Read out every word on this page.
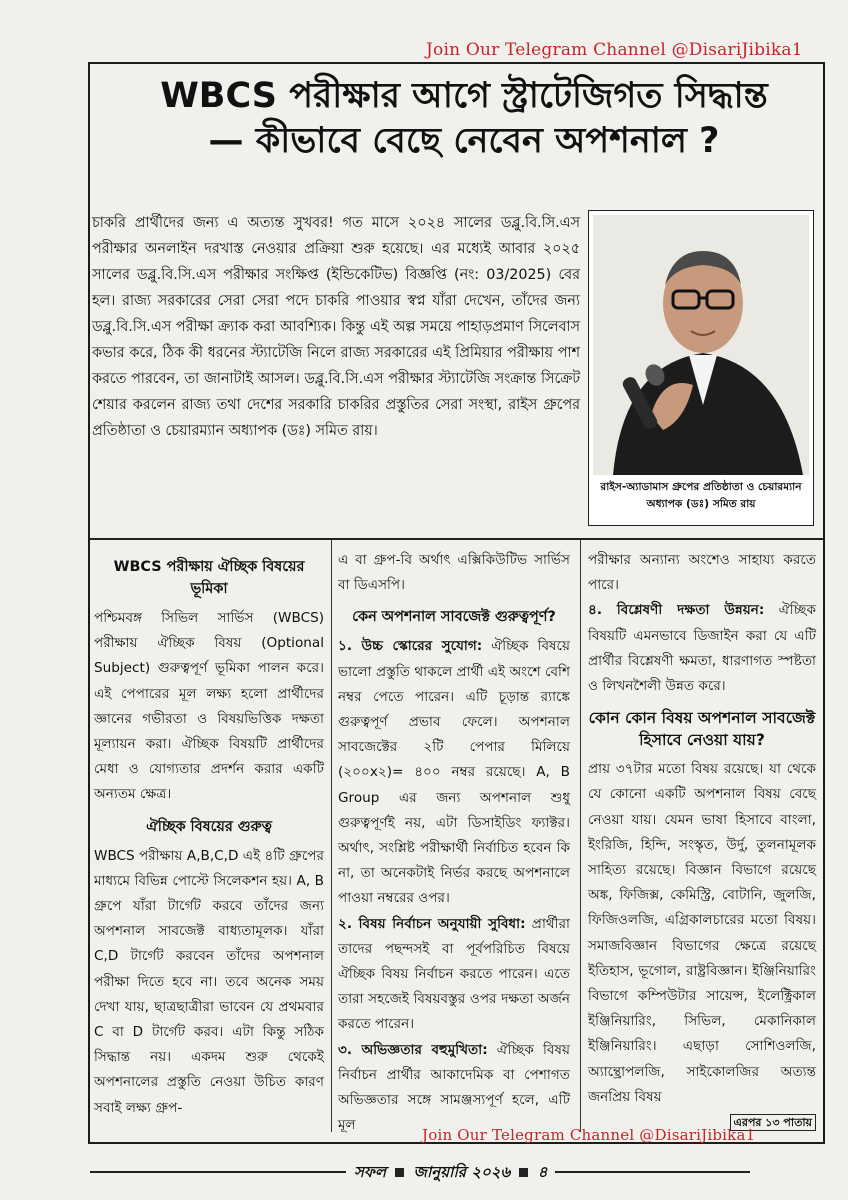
Join Our Telegram Channel @DisariJibika1
WBCS পরীক্ষার আগে স্ট্রাটেজিগত সিদ্ধান্ত
— কীভাবে বেছে নেবেন অপশনাল ?
চাকরি প্রার্থীদের জন্য এ অত্যন্ত সুখবর! গত মাসে ২০২৪ সালের ডব্লু.বি.সি.এস পরীক্ষার অনলাইন দরখাস্ত নেওয়ার প্রক্রিয়া শুরু হয়েছে। এর মধ্যেই আবার ২০২৫ সালের ডব্লু.বি.সি.এস পরীক্ষার সংক্ষিপ্ত (ইন্ডিকেটিভ) বিজ্ঞপ্তি (নং: 03/2025) বের হল। রাজ্য সরকারের সেরা সেরা পদে চাকরি পাওয়ার স্বপ্ন যাঁরা দেখেন, তাঁদের জন্য ডব্লু.বি.সি.এস পরীক্ষা ক্র্যাক করা আবশ্যিক। কিন্তু এই অল্প সময়ে পাহাড়প্রমাণ সিলেবাস কভার করে, ঠিক কী ধরনের স্ট্যাটেজি নিলে রাজ্য সরকারের এই প্রিমিয়ার পরীক্ষায় পাশ করতে পারবেন, তা জানাটাই আসল। ডব্লু.বি.সি.এস পরীক্ষার স্ট্যাটেজি সংক্রান্ত সিক্রেট শেয়ার করলেন রাজ্য তথা দেশের সরকারি চাকরির প্রস্তুতির সেরা সংস্থা, রাইস গ্রুপের প্রতিষ্ঠাতা ও চেয়ারম্যান অধ্যাপক (ডঃ) সমিত রায়।
রাইস-অ্যাডামাস গ্রুপের প্রতিষ্ঠাতা ও চেয়ারম্যান অধ্যাপক (ডঃ) সমিত রায়
WBCS পরীক্ষায় ঐচ্ছিক বিষয়ের ভূমিকা

পশ্চিমবঙ্গ সিভিল সার্ভিস (WBCS) পরীক্ষায় ঐচ্ছিক বিষয় (Optional Subject) গুরুত্বপূর্ণ ভূমিকা পালন করে। এই পেপারের মূল লক্ষ্য হলো প্রার্থীদের জ্ঞানের গভীরতা ও বিষয়ভিত্তিক দক্ষতা মূল্যায়ন করা। ঐচ্ছিক বিষয়টি প্রার্থীদের মেধা ও যোগ্যতার প্রদর্শন করার একটি অন্যতম ক্ষেত্র।

ঐচ্ছিক বিষয়ের গুরুত্ব

WBCS পরীক্ষায় A,B,C,D এই ৪টি গ্রুপের মাধ্যমে বিভিন্ন পোস্টে সিলেকশন হয়। A, B গ্রুপে যাঁরা টার্গেট করবে তাঁদের জন্য অপশনাল সাবজেক্ট বাধ্যতামূলক। যাঁরা C,D টার্গেট করবেন তাঁদের অপশনাল পরীক্ষা দিতে হবে না। তবে অনেক সময় দেখা যায়, ছাত্রছাত্রীরা ভাবেন যে প্রথমবার C বা D টার্গেট করব। এটা কিন্তু সঠিক সিদ্ধান্ত নয়। একদম শুরু থেকেই অপশনালের প্রস্তুতি নেওয়া উচিত কারণ সবাই লক্ষ্য গ্রুপ-

এ বা গ্রুপ-বি অর্থাৎ এক্সিকিউটিভ সার্ভিস বা ডিএসপি।

কেন অপশনাল সাবজেক্ট গুরুত্বপূর্ণ?

১. উচ্চ স্কোরের সুযোগ: ঐচ্ছিক বিষয়ে ভালো প্রস্তুতি থাকলে প্রার্থী এই অংশে বেশি নম্বর পেতে পারেন। এটি চূড়ান্ত র‍্যাঙ্কে গুরুত্বপূর্ণ প্রভাব ফেলে। অপশনাল সাবজেক্টের ২টি পেপার মিলিয়ে (২০০x২)= ৪০০ নম্বর রয়েছে। A, B Group এর জন্য অপশনাল শুধু গুরুত্বপূর্ণই নয়, এটা ডিসাইডিং ফ্যাক্টর। অর্থাৎ, সংশ্লিষ্ট পরীক্ষার্থী নির্বাচিত হবেন কি না, তা অনেকটাই নির্ভর করছে অপশনালে পাওয়া নম্বরের ওপর।

২. বিষয় নির্বাচন অনুযায়ী সুবিধা: প্রার্থীরা তাদের পছন্দসই বা পূর্বপরিচিত বিষয়ে ঐচ্ছিক বিষয় নির্বাচন করতে পারেন। এতে তারা সহজেই বিষয়বস্তুর ওপর দক্ষতা অর্জন করতে পারেন।

৩. অভিজ্ঞতার বহুমুখিতা: ঐচ্ছিক বিষয় নির্বাচন প্রার্থীর আকাদেমিক বা পেশাগত অভিজ্ঞতার সঙ্গে সামঞ্জস্যপূর্ণ হলে, এটি মূল

পরীক্ষার অন্যান্য অংশেও সাহায্য করতে পারে।

৪. বিশ্লেষণী দক্ষতা উন্নয়ন: ঐচ্ছিক বিষয়টি এমনভাবে ডিজাইন করা যে এটি প্রার্থীর বিশ্লেষণী ক্ষমতা, ধারণাগত স্পষ্টতা ও লিখনশৈলী উন্নত করে।

কোন কোন বিষয় অপশনাল সাবজেক্ট হিসাবে নেওয়া যায়?

প্রায় ৩৭টার মতো বিষয় রয়েছে। যা থেকে যে কোনো একটি অপশনাল বিষয় বেছে নেওয়া যায়। যেমন ভাষা হিসাবে বাংলা, ইংরিজি, হিন্দি, সংস্কৃত, উর্দু, তুলনামূলক সাহিত্য রয়েছে। বিজ্ঞান বিভাগে রয়েছে অঙ্ক, ফিজিক্স, কেমিস্ট্রি, বোটানি, জুলজি, ফিজিওলজি, এগ্রিকালচারের মতো বিষয়। সমাজবিজ্ঞান বিভাগের ক্ষেত্রে রয়েছে ইতিহাস, ভূগোল, রাষ্ট্রবিজ্ঞান। ইঞ্জিনিয়ারিং বিভাগে কম্পিউটার সায়েন্স, ইলেক্ট্রিকাল ইঞ্জিনিয়ারিং, সিভিল, মেকানিকাল ইঞ্জিনিয়ারিং। এছাড়া সোশিওলজি, অ্যান্থ্রোপলজি, সাইকোলজির অত্যন্ত জনপ্রিয় বিষয়

এরপর ১৩ পাতায়
Join Our Telegram Channel @DisariJibika1
সফল জানুয়ারি ২০২৬ ৪
